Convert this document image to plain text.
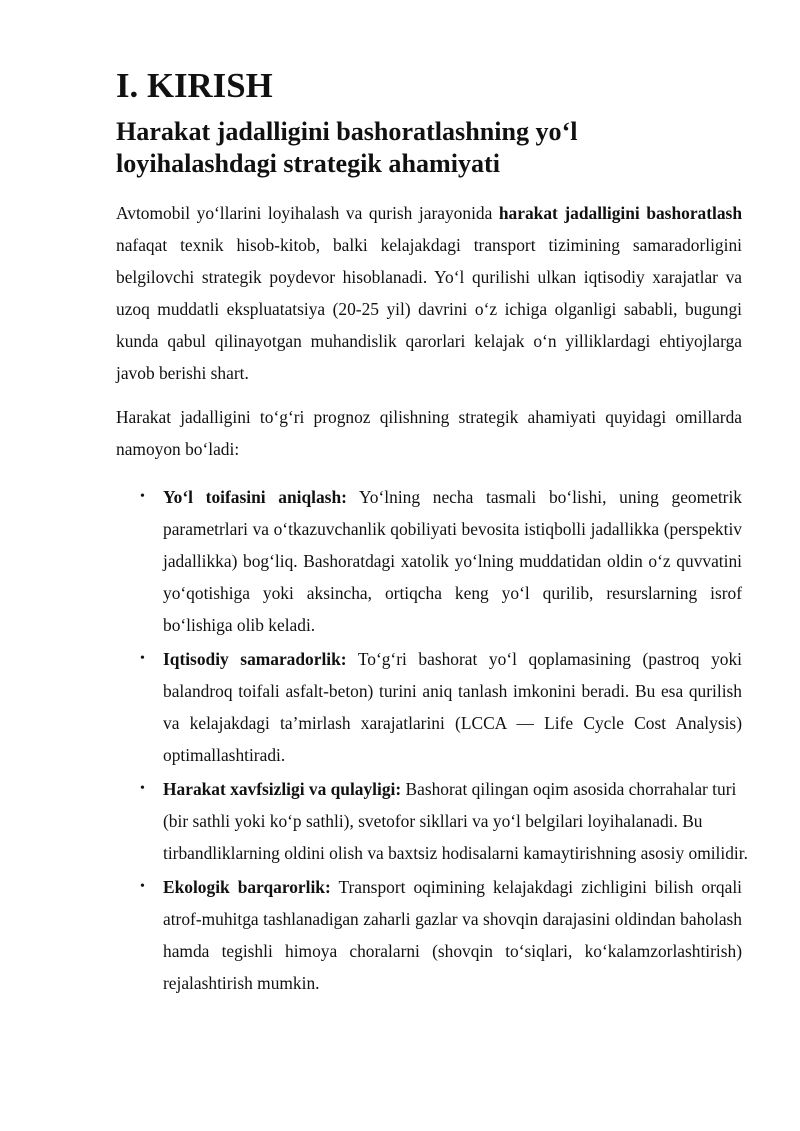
I. KIRISH
Harakat jadalligini bashoratlashning yo‘l loyihalashdagi strategik ahamiyati

Avtomobil yo‘llarini loyihalash va qurish jarayonida harakat jadalligini bashoratlash nafaqat texnik hisob-kitob, balki kelajakdagi transport tizimining samaradorligini belgilovchi strategik poydevor hisoblanadi. Yo‘l qurilishi ulkan iqtisodiy xarajatlar va uzoq muddatli ekspluatatsiya (20-25 yil) davrini o‘z ichiga olganligi sababli, bugungi kunda qabul qilinayotgan muhandislik qarorlari kelajak o‘n yilliklardagi ehtiyojlarga javob berishi shart.

Harakat jadalligini to‘g‘ri prognoz qilishning strategik ahamiyati quyidagi omillarda namoyon bo‘ladi:

• Yo‘l toifasini aniqlash: Yo‘lning necha tasmali bo‘lishi, uning geometrik parametrlari va o‘tkazuvchanlik qobiliyati bevosita istiqbolli jadallikka (perspektiv jadallikka) bog‘liq. Bashoratdagi xatolik yo‘lning muddatidan oldin o‘z quvvatini yo‘qotishiga yoki aksincha, ortiqcha keng yo‘l qurilib, resurslarning isrof bo‘lishiga olib keladi.
• Iqtisodiy samaradorlik: To‘g‘ri bashorat yo‘l qoplamasining (pastroq yoki balandroq toifali asfalt-beton) turini aniq tanlash imkonini beradi. Bu esa qurilish va kelajakdagi ta’mirlash xarajatlarini (LCCA — Life Cycle Cost Analysis) optimallashtiradi.
• Harakat xavfsizligi va qulayligi: Bashorat qilingan oqim asosida chorrahalar turi (bir sathli yoki ko‘p sathli), svetofor sikllari va yo‘l belgilari loyihalanadi. Bu tirbandliklarning oldini olish va baxtsiz hodisalarni kamaytirishning asosiy omilidir.
• Ekologik barqarorlik: Transport oqimining kelajakdagi zichligini bilish orqali atrof-muhitga tashlanadigan zaharli gazlar va shovqin darajasini oldindan baholash hamda tegishli himoya choralarni (shovqin to‘siqlari, ko‘kalamzorlashtirish) rejalashtirish mumkin.
